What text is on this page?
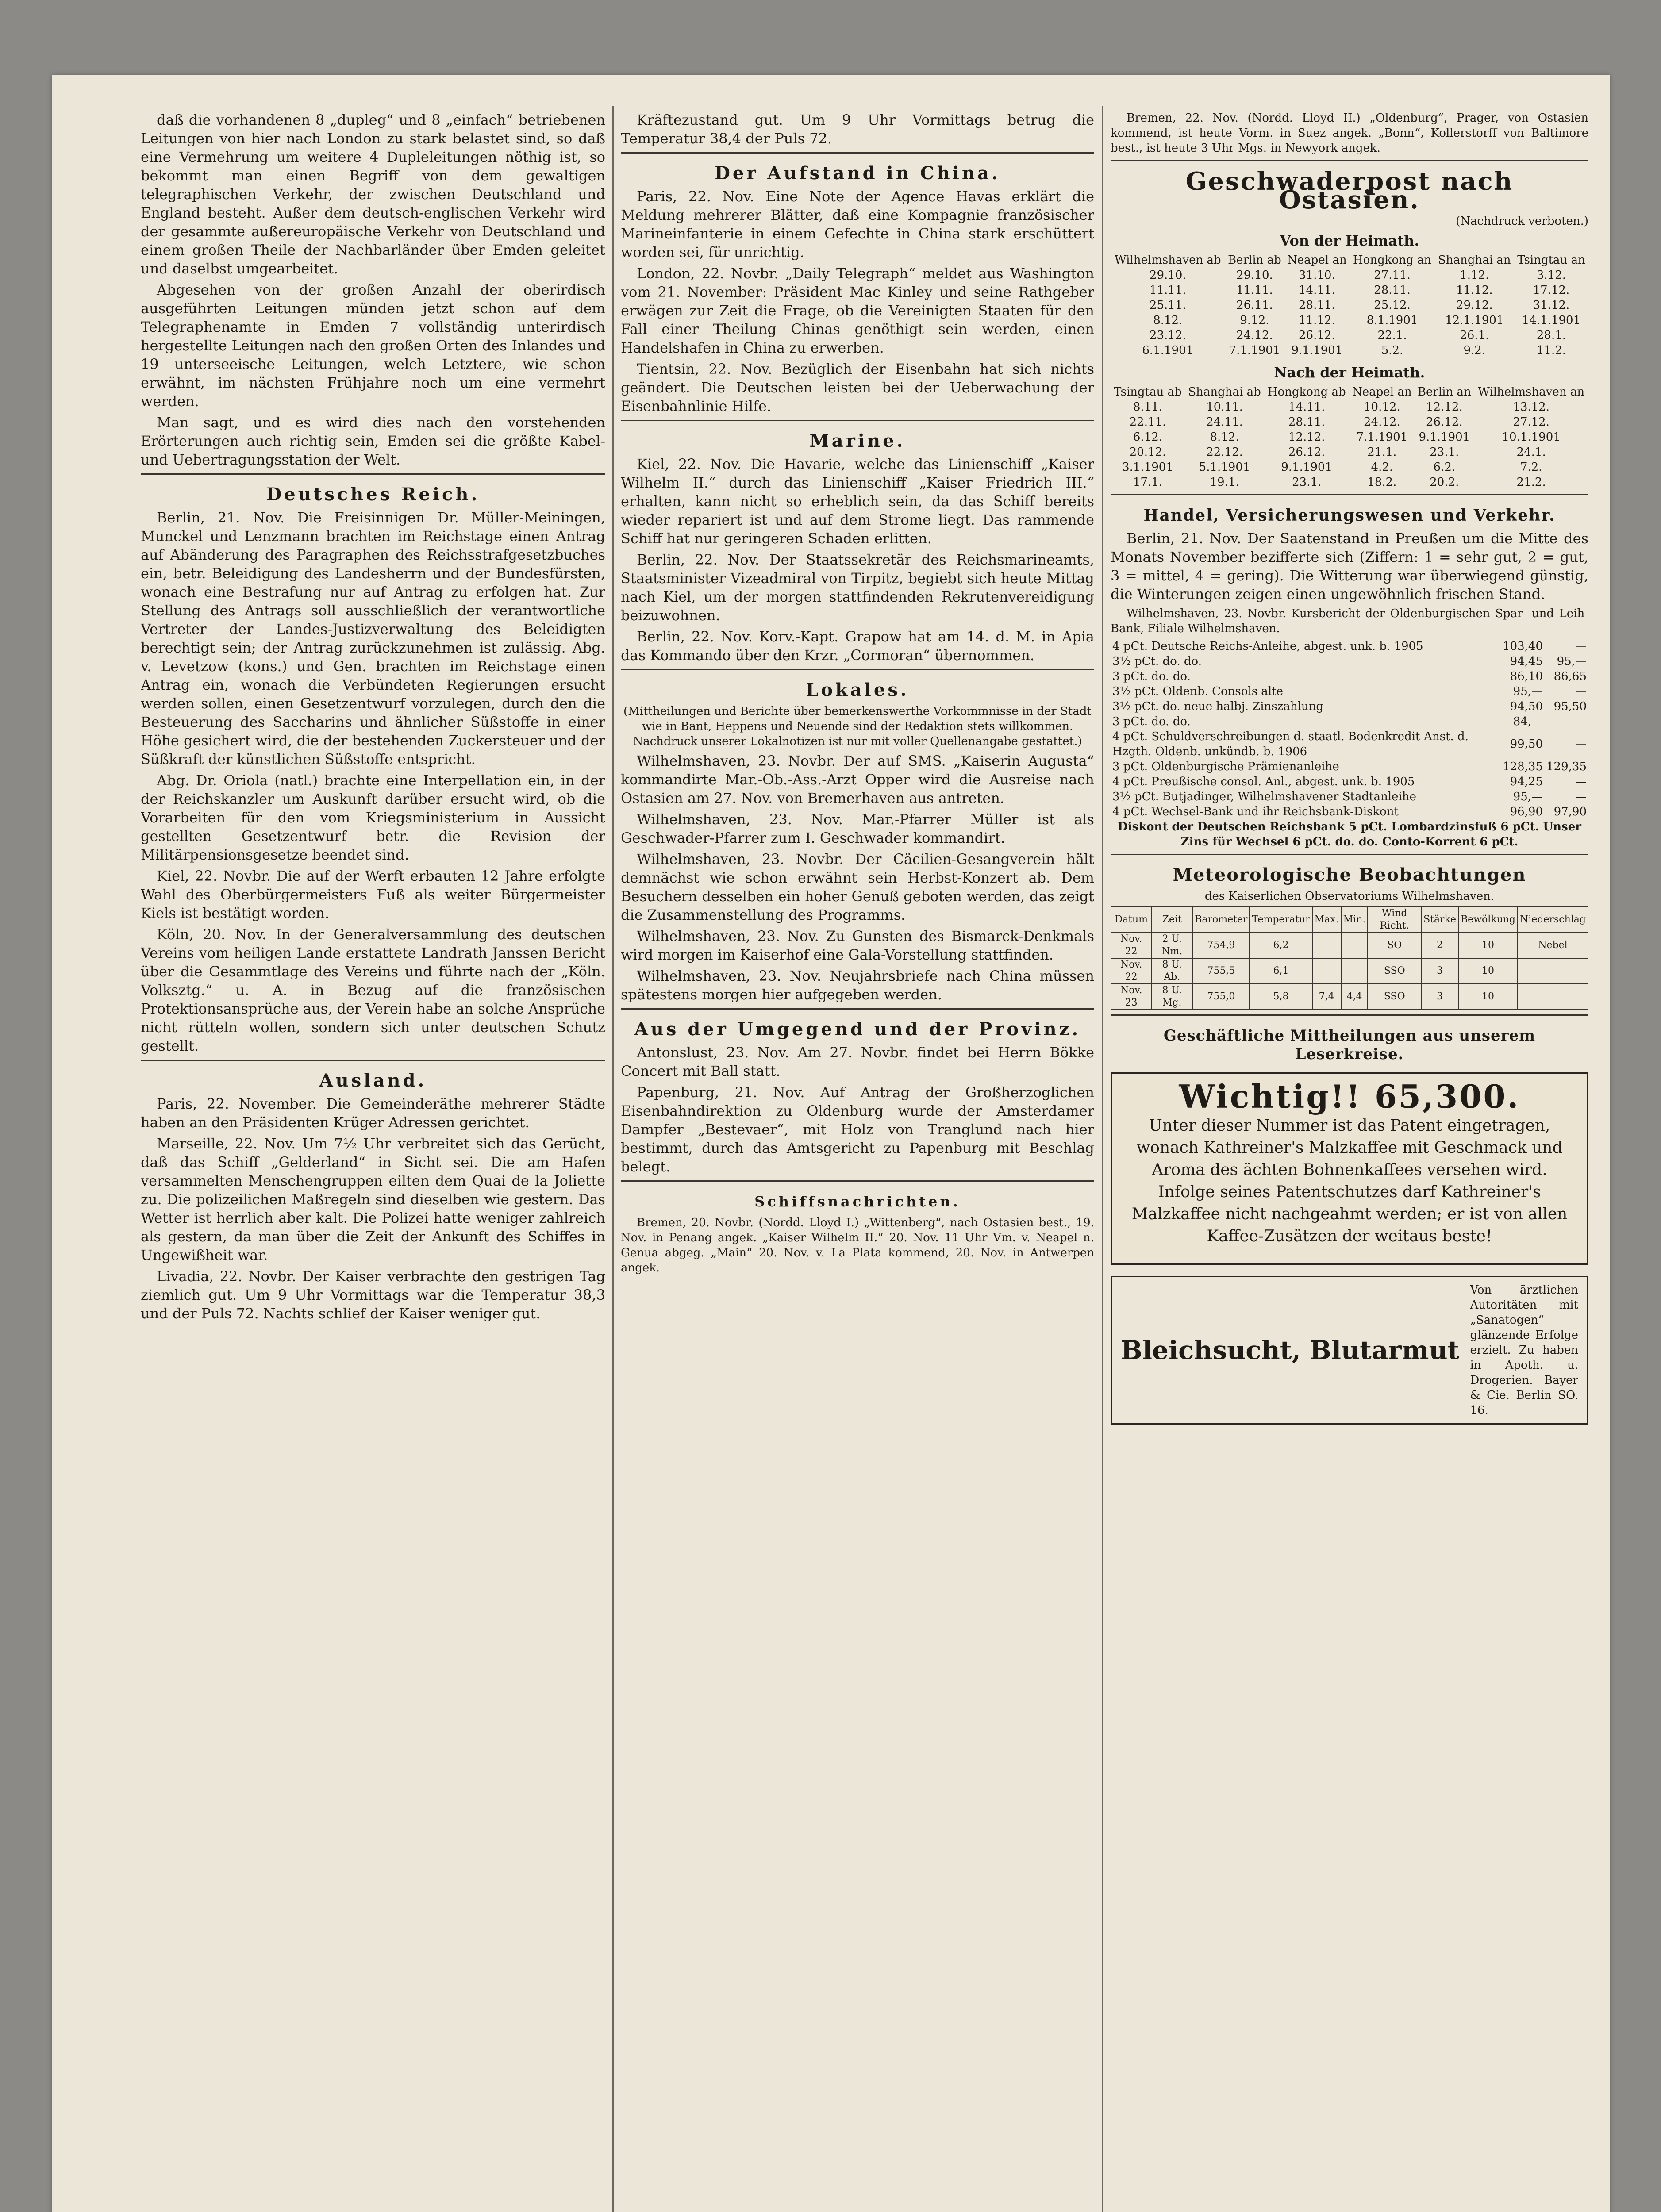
daß die vorhandenen 8 „dupleg“ und 8 „einfach“ betriebenen Leitungen von hier nach London zu stark belastet sind, so daß eine Vermehrung um weitere 4 Dupleleitungen nöthig ist, so bekommt man einen Begriff von dem gewaltigen telegraphischen Verkehr, der zwischen Deutschland und England besteht. Außer dem deutsch-englischen Verkehr wird der gesammte außereuropäische Verkehr von Deutschland und einem großen Theile der Nachbarländer über Emden geleitet und daselbst umgearbeitet.

Abgesehen von der großen Anzahl der oberirdisch ausgeführten Leitungen münden jetzt schon auf dem Telegraphenamte in Emden 7 vollständig unterirdisch hergestellte Leitungen nach den großen Orten des Inlandes und 19 unterseeische Leitungen, welch Letztere, wie schon erwähnt, im nächsten Frühjahre noch um eine vermehrt werden.

Man sagt, und es wird dies nach den vorstehenden Erörterungen auch richtig sein, Emden sei die größte Kabel- und Uebertragungsstation der Welt.

Deutsches Reich.

Berlin, 21. Nov. Die Freisinnigen Dr. Müller-Meiningen, Munckel und Lenzmann brachten im Reichstage einen Antrag auf Abänderung des Paragraphen des Reichsstrafgesetzbuches ein, betr. Beleidigung des Landesherrn und der Bundesfürsten, wonach eine Bestrafung nur auf Antrag zu erfolgen hat. Zur Stellung des Antrags soll ausschließlich der verantwortliche Vertreter der Landes-Justizverwaltung des Beleidigten berechtigt sein; der Antrag zurückzunehmen ist zulässig. Abg. v. Levetzow (kons.) und Gen. brachten im Reichstage einen Antrag ein, wonach die Verbündeten Regierungen ersucht werden sollen, einen Gesetzentwurf vorzulegen, durch den die Besteuerung des Saccharins und ähnlicher Süßstoffe in einer Höhe gesichert wird, die der bestehenden Zuckersteuer und der Süßkraft der künstlichen Süßstoffe entspricht.

Abg. Dr. Oriola (natl.) brachte eine Interpellation ein, in der der Reichskanzler um Auskunft darüber ersucht wird, ob die Vorarbeiten für den vom Kriegsministerium in Aussicht gestellten Gesetzentwurf betr. die Revision der Militärpensionsgesetze beendet sind.

Kiel, 22. Novbr. Die auf der Werft erbauten 12 Jahre erfolgte Wahl des Oberbürgermeisters Fuß als weiter Bürgermeister Kiels ist bestätigt worden.

Köln, 20. Nov. In der Generalversammlung des deutschen Vereins vom heiligen Lande erstattete Landrath Janssen Bericht über die Gesammtlage des Vereins und führte nach der „Köln. Volksztg.“ u. A. in Bezug auf die französischen Protektionsansprüche aus, der Verein habe an solche Ansprüche nicht rütteln wollen, sondern sich unter deutschen Schutz gestellt.

Ausland.

Paris, 22. November. Die Gemeinderäthe mehrerer Städte haben an den Präsidenten Krüger Adressen gerichtet.

Marseille, 22. Nov. Um 7½ Uhr verbreitet sich das Gerücht, daß das Schiff „Gelderland“ in Sicht sei. Die am Hafen versammelten Menschengruppen eilten dem Quai de la Joliette zu. Die polizeilichen Maßregeln sind dieselben wie gestern. Das Wetter ist herrlich aber kalt. Die Polizei hatte weniger zahlreich als gestern, da man über die Zeit der Ankunft des Schiffes in Ungewißheit war.

Livadia, 22. Novbr. Der Kaiser verbrachte den gestrigen Tag ziemlich gut. Um 9 Uhr Vormittags war die Temperatur 38,3 und der Puls 72. Nachts schlief der Kaiser weniger gut.

Kräftezustand gut. Um 9 Uhr Vormittags betrug die Temperatur 38,4 der Puls 72.

Der Aufstand in China.

Paris, 22. Nov. Eine Note der Agence Havas erklärt die Meldung mehrerer Blätter, daß eine Kompagnie französischer Marineinfanterie in einem Gefechte in China stark erschüttert worden sei, für unrichtig.

London, 22. Novbr. „Daily Telegraph“ meldet aus Washington vom 21. November: Präsident Mac Kinley und seine Rathgeber erwägen zur Zeit die Frage, ob die Vereinigten Staaten für den Fall einer Theilung Chinas genöthigt sein werden, einen Handelshafen in China zu erwerben.

Tientsin, 22. Nov. Bezüglich der Eisenbahn hat sich nichts geändert. Die Deutschen leisten bei der Ueberwachung der Eisenbahnlinie Hilfe.

Marine.

Kiel, 22. Nov. Die Havarie, welche das Linienschiff „Kaiser Wilhelm II.“ durch das Linienschiff „Kaiser Friedrich III.“ erhalten, kann nicht so erheblich sein, da das Schiff bereits wieder repariert ist und auf dem Strome liegt. Das rammende Schiff hat nur geringeren Schaden erlitten.

Berlin, 22. Nov. Der Staatssekretär des Reichsmarineamts, Staatsminister Vizeadmiral von Tirpitz, begiebt sich heute Mittag nach Kiel, um der morgen stattfindenden Rekrutenvereidigung beizuwohnen.

Berlin, 22. Nov. Korv.-Kapt. Grapow hat am 14. d. M. in Apia das Kommando über den Krzr. „Cormoran“ übernommen.

Lokales.

(Mittheilungen und Berichte über bemerkenswerthe Vorkommnisse in der Stadt wie in Bant, Heppens und Neuende sind der Redaktion stets willkommen. Nachdruck unserer Lokalnotizen ist nur mit voller Quellenangabe gestattet.)

Wilhelmshaven, 23. Novbr. Der auf SMS. „Kaiserin Augusta“ kommandirte Mar.-Ob.-Ass.-Arzt Opper wird die Ausreise nach Ostasien am 27. Nov. von Bremerhaven aus antreten.

Wilhelmshaven, 23. Nov. Mar.-Pfarrer Müller ist als Geschwader-Pfarrer zum I. Geschwader kommandirt.

Wilhelmshaven, 23. Novbr. Der Cäcilien-Gesangverein hält demnächst wie schon erwähnt sein Herbst-Konzert ab. Dem Besuchern desselben ein hoher Genuß geboten werden, das zeigt die Zusammenstellung des Programms.

Wilhelmshaven, 23. Nov. Zu Gunsten des Bismarck-Denkmals wird morgen im Kaiserhof eine Gala-Vorstellung stattfinden.

Wilhelmshaven, 23. Nov. Neujahrsbriefe nach China müssen spätestens morgen hier aufgegeben werden.

Aus der Umgegend und der Provinz.

Antonslust, 23. Nov. Am 27. Novbr. findet bei Herrn Bökke Concert mit Ball statt.

Papenburg, 21. Nov. Auf Antrag der Großherzoglichen Eisenbahndirektion zu Oldenburg wurde der Amsterdamer Dampfer „Bestevaer“, mit Holz von Tranglund nach hier bestimmt, durch das Amtsgericht zu Papenburg mit Beschlag belegt.

Schiffsnachrichten.

Bremen, 20. Novbr. (Nordd. Lloyd I.) „Wittenberg“, nach Ostasien best., 19. Nov. in Penang angek. „Kaiser Wilhelm II.“ 20. Nov. 11 Uhr Vm. v. Neapel n. Genua abgeg. „Main“ 20. Nov. v. La Plata kommend, 20. Nov. in Antwerpen angek.

Bremen, 22. Nov. (Nordd. Lloyd II.) „Oldenburg“, Prager, von Ostasien kommend, ist heute Vorm. in Suez angek. „Bonn“, Kollerstorff von Baltimore best., ist heute 3 Uhr Mgs. in Newyork angek.

Geschwaderpost nach Ostasien.

(Nachdruck verboten.)

Von der Heimath.

Wilhelmshaven ab	Berlin ab	Neapel an	Hongkong an	Shanghai an	Tsingtau an
29.10.	29.10.	31.10.	27.11.	1.12.	3.12.
11.11.	11.11.	14.11.	28.11.	11.12.	17.12.
25.11.	26.11.	28.11.	25.12.	29.12.	31.12.
8.12.	9.12.	11.12.	8.1.1901	12.1.1901	14.1.1901
23.12.	24.12.	26.12.	22.1.	26.1.	28.1.
6.1.1901	7.1.1901	9.1.1901	5.2.	9.2.	11.2.

Nach der Heimath.

Tsingtau ab	Shanghai ab	Hongkong ab	Neapel an	Berlin an	Wilhelmshaven an
8.11.	10.11.	14.11.	10.12.	12.12.	13.12.
22.11.	24.11.	28.11.	24.12.	26.12.	27.12.
6.12.	8.12.	12.12.	7.1.1901	9.1.1901	10.1.1901
20.12.	22.12.	26.12.	21.1.	23.1.	24.1.
3.1.1901	5.1.1901	9.1.1901	4.2.	6.2.	7.2.
17.1.	19.1.	23.1.	18.2.	20.2.	21.2.
Handel, Versicherungswesen und Verkehr.

Berlin, 21. Nov. Der Saatenstand in Preußen um die Mitte des Monats November bezifferte sich (Ziffern: 1 = sehr gut, 2 = gut, 3 = mittel, 4 = gering). Die Witterung war überwiegend günstig, die Winterungen zeigen einen ungewöhnlich frischen Stand.

Wilhelmshaven, 23. Novbr. Kursbericht der Oldenburgischen Spar- und Leih-Bank, Filiale Wilhelmshaven.

4 pCt. Deutsche Reichs-Anleihe, abgest. unk. b. 1905	103,40	—
3½ pCt. do. do.	94,45	95,—
3 pCt. do. do.	86,10	86,65
3½ pCt. Oldenb. Consols alte	95,—	—
3½ pCt. do. neue halbj. Zinszahlung	94,50	95,50
3 pCt. do. do.	84,—	—
4 pCt. Schuldverschreibungen d. staatl. Bodenkredit-Anst. d. Hzgth. Oldenb. unkündb. b. 1906	99,50	—
3 pCt. Oldenburgische Prämienanleihe	128,35	129,35
4 pCt. Preußische consol. Anl., abgest. unk. b. 1905	94,25	—
3½ pCt. Butjadinger, Wilhelmshavener Stadtanleihe	95,—	—
4 pCt. Wechsel-Bank und ihr Reichsbank-Diskont	96,90	97,90

Diskont der Deutschen Reichsbank 5 pCt. Lombardzinsfuß 6 pCt. Unser Zins für Wechsel 6 pCt. do. do. Conto-Korrent 6 pCt.

Meteorologische Beobachtungen

des Kaiserlichen Observatoriums Wilhelmshaven.

Datum	Zeit	Barometer	Temperatur	Max.	Min.	Wind Richt.	Stärke	Bewölkung	Niederschlag
Nov. 22	2 U. Nm.	754,9	6,2			SO	2	10	Nebel
Nov. 22	8 U. Ab.	755,5	6,1			SSO	3	10	
Nov. 23	8 U. Mg.	755,0	5,8	7,4	4,4	SSO	3	10	
Geschäftliche Mittheilungen aus unserem Leserkreise.
Wichtig!! 65,300.

Unter dieser Nummer ist das Patent eingetragen, wonach Kathreiner's Malzkaffee mit Geschmack und Aroma des ächten Bohnenkaffees versehen wird. Infolge seines Patentschutzes darf Kathreiner's Malzkaffee nicht nachgeahmt werden; er ist von allen Kaffee-Zusätzen der weitaus beste!

Bleichsucht, Blutarmut
Von ärztlichen Autoritäten mit „Sanatogen“ glänzende Erfolge erzielt. Zu haben in Apoth. u. Drogerien. Bayer & Cie. Berlin SO. 16.
